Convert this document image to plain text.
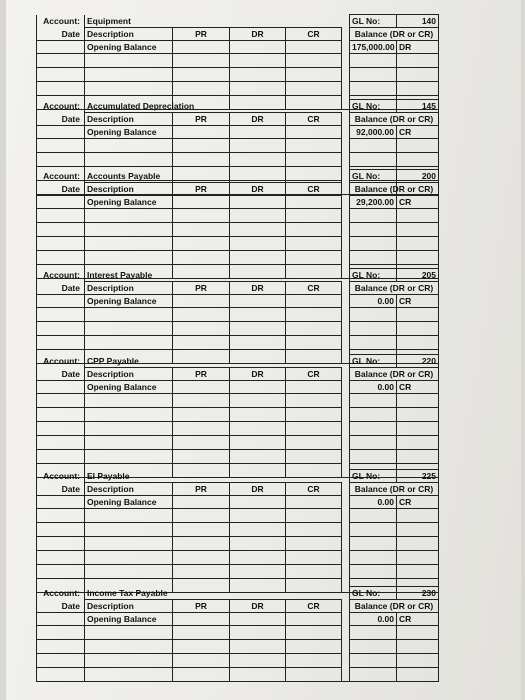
Account:	Equipment					GL No:	140
Date	Description	PR	DR	CR		Balance (DR or CR)	
	Opening Balance					175,000.00	DR

Account:	Accumulated Depreciation					GL No:	145
Date	Description	PR	DR	CR		Balance (DR or CR)	
	Opening Balance					92,000.00	CR

Account:	Accounts Payable					GL No:	200
Date	Description	PR	DR	CR		Balance (DR or CR)	
	Opening Balance					29,200.00	CR

Account:	Interest Payable					GL No:	205
Date	Description	PR	DR	CR		Balance (DR or CR)	
	Opening Balance					0.00	CR

Account:	CPP Payable					GL No:	220
Date	Description	PR	DR	CR		Balance (DR or CR)	
	Opening Balance					0.00	CR

Account:	EI Payable					GL No:	225
Date	Description	PR	DR	CR		Balance (DR or CR)	
	Opening Balance					0.00	CR

Account:	Income Tax Payable					GL No:	230
Date	Description	PR	DR	CR		Balance (DR or CR)	
	Opening Balance					0.00	CR
